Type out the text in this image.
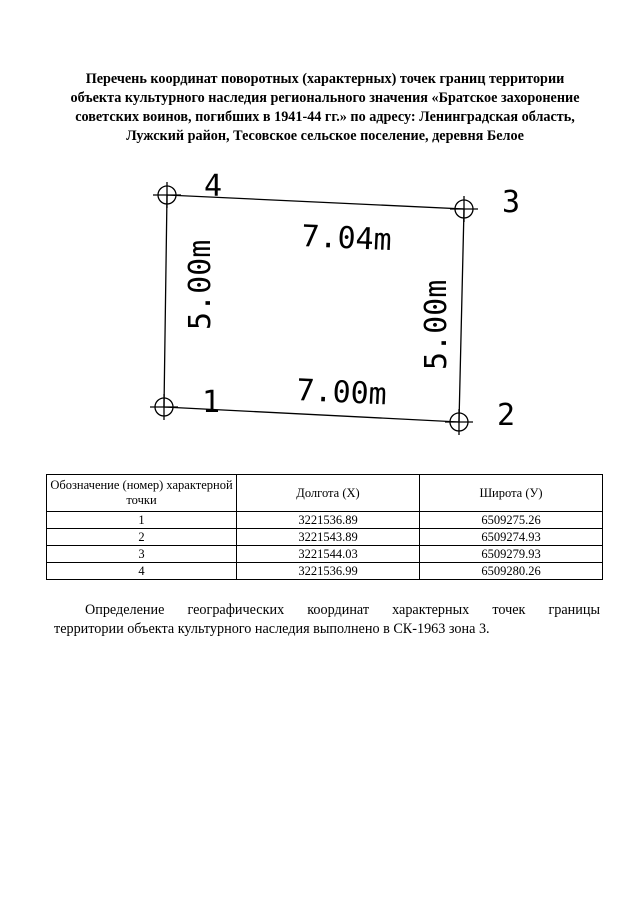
Перечень координат поворотных (характерных) точек границ территории
объекта культурного наследия регионального значения «Братское захоронение
советских воинов, погибших в 1941-44 гг.» по адресу: Ленинградская область,
Лужский район, Тесовское сельское поселение, деревня Белое
1	2
3
4
7.04m
7.00m
5.00m	5.00m
Обозначение (номер) характерной точки	Долгота (X)	Широта (У)
1	3221536.89	6509275.26
2	3221543.89	6509274.93
3	3221544.03	6509279.93
4	3221536.99	6509280.26
Определение географических координат характерных точек границы
территории объекта культурного наследия выполнено в СК-1963 зона 3.
